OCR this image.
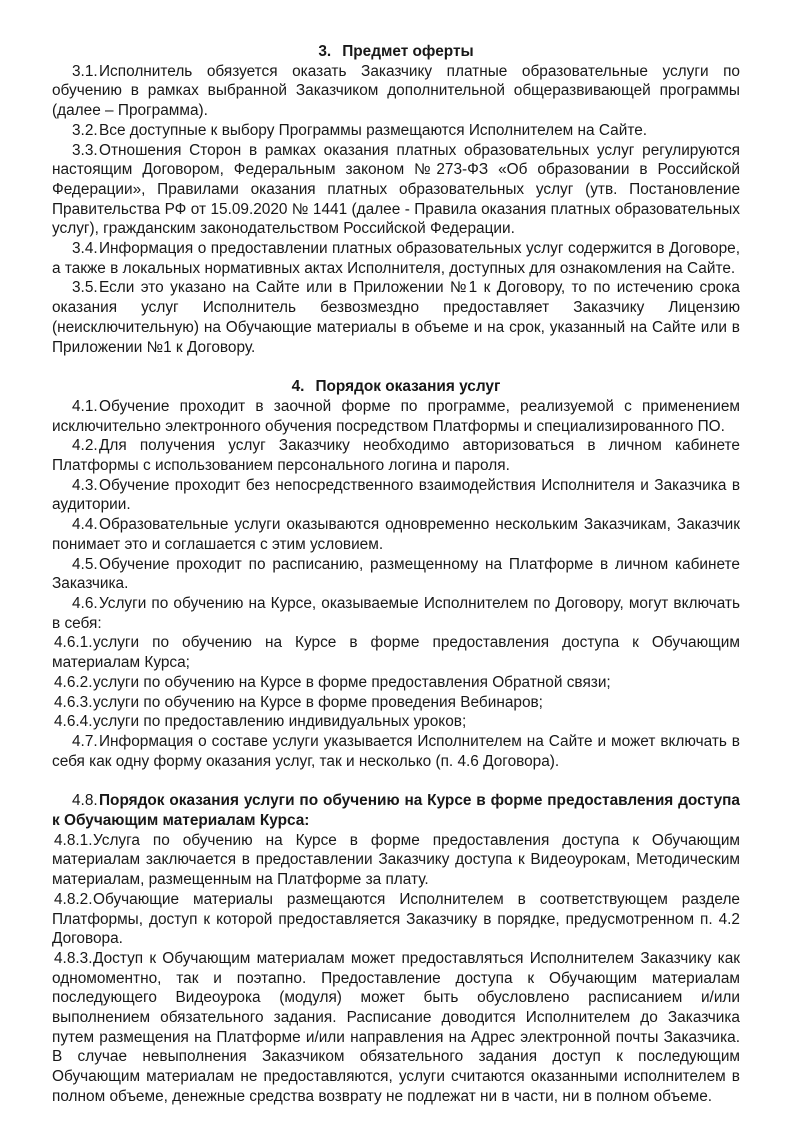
3. Предмет оферты

3.1.Исполнитель обязуется оказать Заказчику платные образовательные услуги по обучению в рамках выбранной Заказчиком дополнительной общеразвивающей программы (далее – Программа).

3.2.Все доступные к выбору Программы размещаются Исполнителем на Сайте.

3.3.Отношения Сторон в рамках оказания платных образовательных услуг регулируются настоящим Договором, Федеральным законом №273-ФЗ «Об образовании в Российской Федерации», Правилами оказания платных образовательных услуг (утв. Постановление Правительства РФ от 15.09.2020 № 1441 (далее - Правила оказания платных образовательных услуг), гражданским законодательством Российской Федерации.

3.4.Информация о предоставлении платных образовательных услуг содержится в Договоре, а также в локальных нормативных актах Исполнителя, доступных для ознакомления на Сайте.

3.5.Если это указано на Сайте или в Приложении №1 к Договору, то по истечению срока оказания услуг Исполнитель безвозмездно предоставляет Заказчику Лицензию (неисключительную) на Обучающие материалы в объеме и на срок, указанный на Сайте или в Приложении №1 к Договору.

4. Порядок оказания услуг

4.1.Обучение проходит в заочной форме по программе, реализуемой с применением исключительно электронного обучения посредством Платформы и специализированного ПО.

4.2.Для получения услуг Заказчику необходимо авторизоваться в личном кабинете Платформы с использованием персонального логина и пароля.

4.3.Обучение проходит без непосредственного взаимодействия Исполнителя и Заказчика в аудитории.

4.4.Образовательные услуги оказываются одновременно нескольким Заказчикам, Заказчик понимает это и соглашается с этим условием.

4.5.Обучение проходит по расписанию, размещенному на Платформе в личном кабинете Заказчика.

4.6.Услуги по обучению на Курсе, оказываемые Исполнителем по Договору, могут включать в себя:

4.6.1.услуги по обучению на Курсе в форме предоставления доступа к Обучающим материалам Курса;

4.6.2.услуги по обучению на Курсе в форме предоставления Обратной связи;

4.6.3.услуги по обучению на Курсе в форме проведения Вебинаров;

4.6.4.услуги по предоставлению индивидуальных уроков;

4.7.Информация о составе услуги указывается Исполнителем на Сайте и может включать в себя как одну форму оказания услуг, так и несколько (п. 4.6 Договора).

4.8.Порядок оказания услуги по обучению на Курсе в форме предоставления доступа к Обучающим материалам Курса:

4.8.1.Услуга по обучению на Курсе в форме предоставления доступа к Обучающим материалам заключается в предоставлении Заказчику доступа к Видеоурокам, Методическим материалам, размещенным на Платформе за плату.

4.8.2.Обучающие материалы размещаются Исполнителем в соответствующем разделе Платформы, доступ к которой предоставляется Заказчику в порядке, предусмотренном п. 4.2 Договора.

4.8.3.Доступ к Обучающим материалам может предоставляться Исполнителем Заказчику как одномоментно, так и поэтапно. Предоставление доступа к Обучающим материалам последующего Видеоурока (модуля) может быть обусловлено расписанием и/или выполнением обязательного задания. Расписание доводится Исполнителем до Заказчика путем размещения на Платформе и/или направления на Адрес электронной почты Заказчика. В случае невыполнения Заказчиком обязательного задания доступ к последующим Обучающим материалам не предоставляются, услуги считаются оказанными исполнителем в полном объеме, денежные средства возврату не подлежат ни в части, ни в полном объеме.
